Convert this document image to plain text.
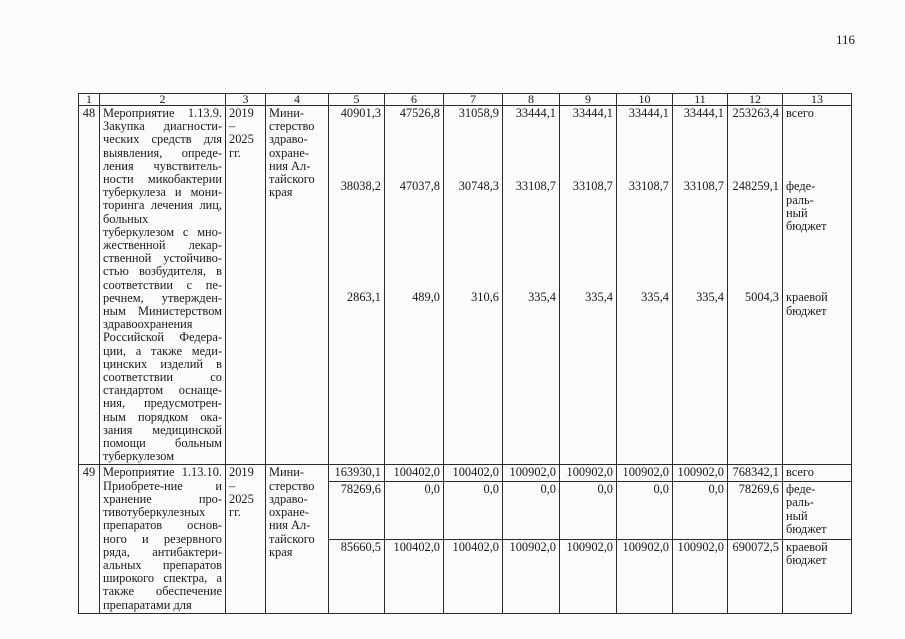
116
1	2	3	4	5	6	7	8	9	10	11	12	13
48	Мероприятие 1.13.9. Закупка диагности-ческих средств для выявления, опреде-ления чувствитель-ности микобактерии туберкулеза и мони-торинга лечения лиц, больных туберкулезом с мно-жественной лекар-ственной устойчиво-стью возбудителя, в соответствии с пе-речнем, утвержден-ным Министерством здравоохранения Российской Федера-ции, а также меди-цинских изделий в соответствии со стандартом оснаще-ния, предусмотрен-ным порядком ока-зания медицинской помощи больным туберкулезом	2019 – 2025 гг.	Мини-стерство здраво-охране-ния Ал-тайского края	40901,3	47526,8	31058,9	33444,1	33444,1	33444,1	33444,1	253263,4	всего
				38038,2	47037,8	30748,3	33108,7	33108,7	33108,7	33108,7	248259,1	феде-
раль-
ный
бюджет
				2863,1	489,0	310,6	335,4	335,4	335,4	335,4	5004,3	краевой
бюджет
49	Мероприятие 1.13.10. Приобрете-ние и хранение про-тивотуберкулезных препаратов основ-ного и резервного ряда, антибактери-альных препаратов широкого спектра, а также обеспечение препаратами для	2019 – 2025 гг.	Мини-стерство здраво-охране-ния Ал-тайского края	163930,1	100402,0	100402,0	100902,0	100902,0	100902,0	100902,0	768342,1	всего
				78269,6	0,0	0,0	0,0	0,0	0,0	0,0	78269,6	феде-
раль-
ный
бюджет
				85660,5	100402,0	100402,0	100902,0	100902,0	100902,0	100902,0	690072,5	краевой
бюджет
